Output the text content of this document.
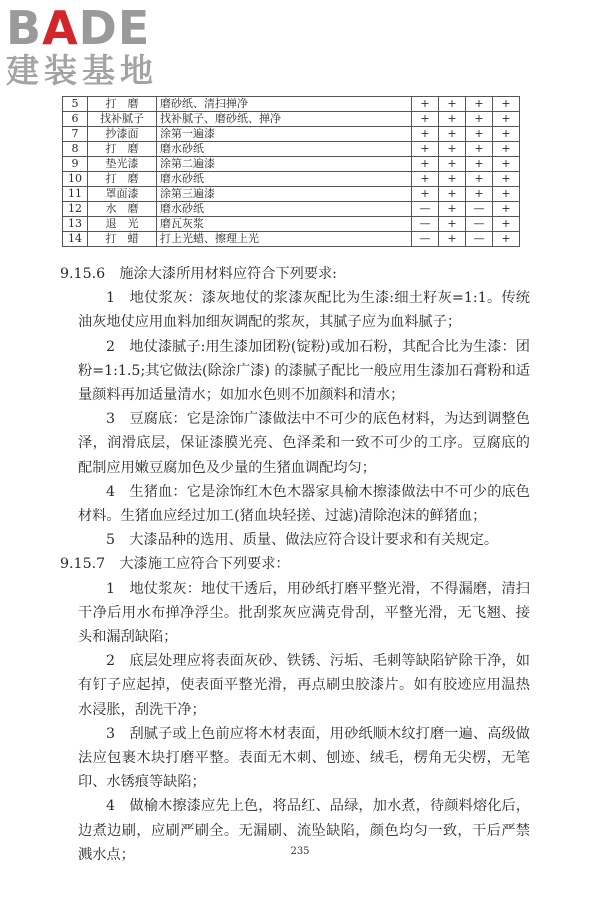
BADE
建装基地
5	打　磨	磨砂纸、清扫掸净	+	+	+	+
6	找补腻子	找补腻子、磨砂纸、掸净	+	+	+	+
7	抄漆面	涂第一遍漆	+	+	+	+
8	打　磨	磨水砂纸	+	+	+	+
9	垫光漆	涂第二遍漆	+	+	+	+
10	打　磨	磨水砂纸	+	+	+	+
11	罩面漆	涂第三遍漆	+	+	+	+
12	水　磨	磨水砂纸	—	+	—	+
13	退　光	磨瓦灰浆	—	+	—	+
14	打　蜡	打上光蜡、擦理上光	—	+	—	+

9.15.6　施涂大漆所用材料应符合下列要求:

1　地仗浆灰：漆灰地仗的浆漆灰配比为生漆:细土籽灰=1:1。传统油灰地仗应用血料加细灰调配的浆灰，其腻子应为血料腻子；

2　地仗漆腻子:用生漆加团粉(锭粉)或加石粉，其配合比为生漆：团粉=1:1.5;其它做法(除涂广漆) 的漆腻子配比一般应用生漆加石膏粉和适量颜料再加适量清水；如加水色则不加颜料和清水；

3　豆腐底：它是涂饰广漆做法中不可少的底色材料，为达到调整色泽，润滑底层，保证漆膜光亮、色泽柔和一致不可少的工序。豆腐底的配制应用嫩豆腐加色及少量的生猪血调配均匀；

4　生猪血：它是涂饰红木色木器家具榆木擦漆做法中不可少的底色材料。生猪血应经过加工(猪血块轻搓、过滤)清除泡沫的鲜猪血；

5　大漆品种的选用、质量、做法应符合设计要求和有关规定。

9.15.7　大漆施工应符合下列要求：

1　地仗浆灰：地仗干透后，用砂纸打磨平整光滑，不得漏磨，清扫干净后用水布掸净浮尘。批刮浆灰应满克骨刮，平整光滑，无飞翘、接头和漏刮缺陷；

2　底层处理应将表面灰砂、铁锈、污垢、毛刺等缺陷铲除干净，如有钉子应起掉，使表面平整光滑，再点刷虫胶漆片。如有胶迹应用温热水浸胀，刮洗干净；

3　刮腻子或上色前应将木材表面，用砂纸顺木纹打磨一遍、高级做法应包裹木块打磨平整。表面无木刺、刨迹、绒毛，楞角无尖楞，无笔印、水锈痕等缺陷；

4　做榆木擦漆应先上色，将品红、品绿，加水煮，待颜料熔化后，边煮边刷，应刷严刷全。无漏刷、流坠缺陷，颜色均匀一致，干后严禁溅水点；	235
